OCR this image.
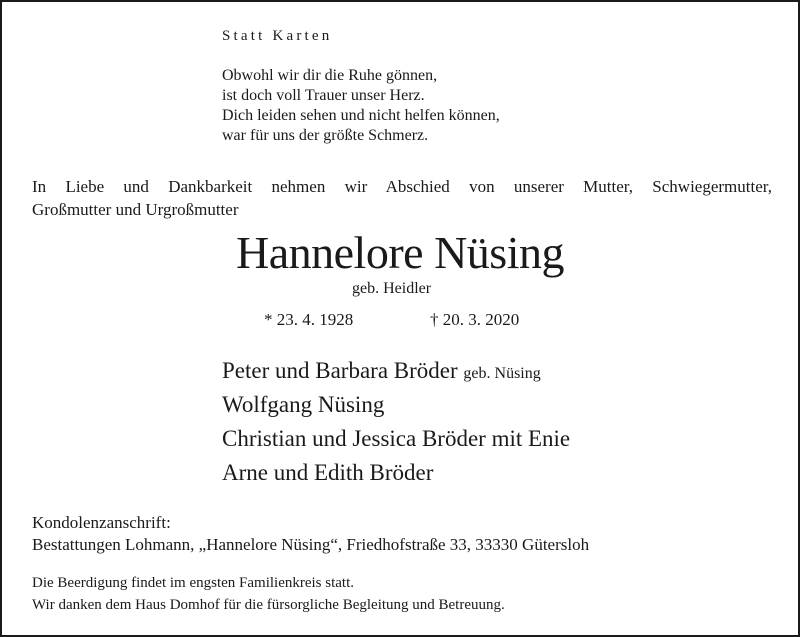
Statt Karten
Obwohl wir dir die Ruhe gönnen,
ist doch voll Trauer unser Herz.
Dich leiden sehen und nicht helfen können,
war für uns der größte Schmerz.
In Liebe und Dankbarkeit nehmen wir Abschied von unserer Mutter, Schwiegermutter,
Großmutter und Urgroßmutter
Hannelore Nüsing
geb. Heidler
* 23. 4. 1928	† 20. 3. 2020
Peter und Barbara Bröder geb. Nüsing
Wolfgang Nüsing
Christian und Jessica Bröder mit Enie
Arne und Edith Bröder
Kondolenzanschrift:
Bestattungen Lohmann, „Hannelore Nüsing“, Friedhofstraße 33, 33330 Gütersloh
Die Beerdigung findet im engsten Familienkreis statt.
Wir danken dem Haus Domhof für die fürsorgliche Begleitung und Betreuung.
